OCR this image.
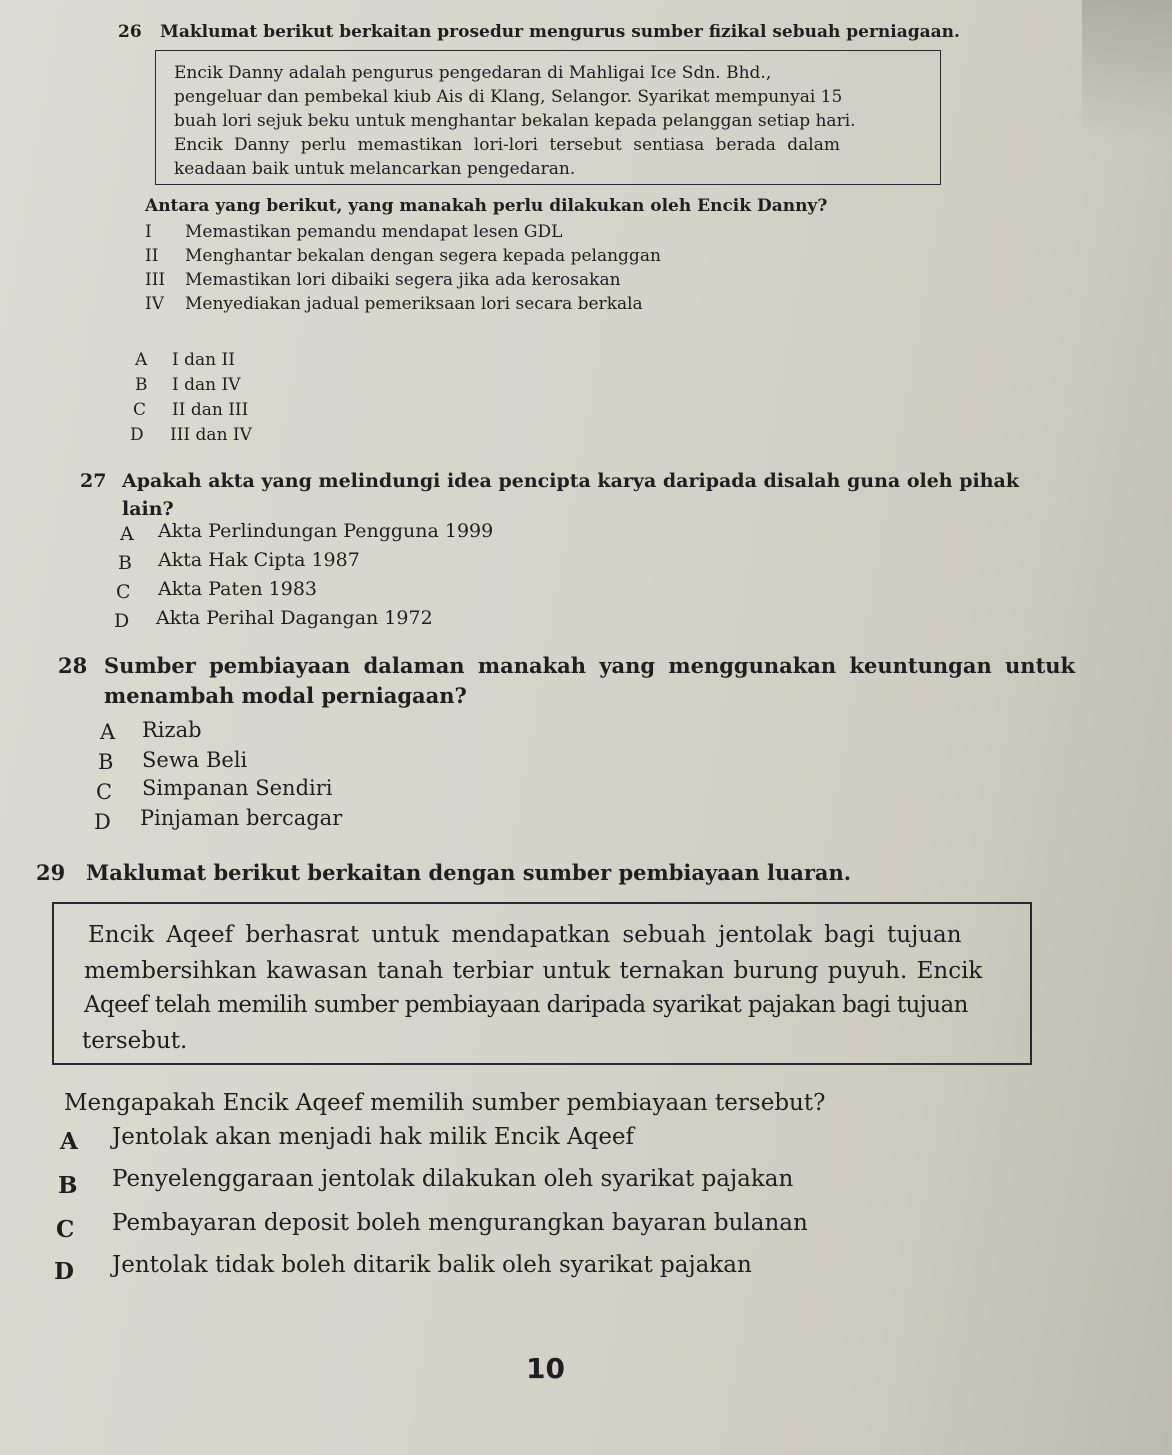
26 Maklumat berikut berkaitan prosedur mengurus sumber fizikal sebuah perniagaan.
Encik Danny adalah pengurus pengedaran di Mahligai Ice Sdn. Bhd.,
pengeluar dan pembekal kiub Ais di Klang, Selangor. Syarikat mempunyai 15
buah lori sejuk beku untuk menghantar bekalan kepada pelanggan setiap hari.
Encik Danny perlu memastikan lori-lori tersebut sentiasa berada dalam
keadaan baik untuk melancarkan pengedaran.
Antara yang berikut, yang manakah perlu dilakukan oleh Encik Danny?
I Memastikan pemandu mendapat lesen GDL
II Menghantar bekalan dengan segera kepada pelanggan
III Memastikan lori dibaiki segera jika ada kerosakan
IV Menyediakan jadual pemeriksaan lori secara berkala
A I dan II
B I dan IV
C II dan III
D III dan IV
27 Apakah akta yang melindungi idea pencipta karya daripada disalah guna oleh pihak
lain?
A Akta Perlindungan Pengguna 1999
B Akta Hak Cipta 1987
C Akta Paten 1983
D Akta Perihal Dagangan 1972
28 Sumber pembiayaan dalaman manakah yang menggunakan keuntungan untuk
menambah modal perniagaan?
A Rizab
B Sewa Beli
C Simpanan Sendiri
D Pinjaman bercagar
29 Maklumat berikut berkaitan dengan sumber pembiayaan luaran.
Encik Aqeef berhasrat untuk mendapatkan sebuah jentolak bagi tujuan
membersihkan kawasan tanah terbiar untuk ternakan burung puyuh. Encik
Aqeef telah memilih sumber pembiayaan daripada syarikat pajakan bagi tujuan
tersebut.
Mengapakah Encik Aqeef memilih sumber pembiayaan tersebut?
A Jentolak akan menjadi hak milik Encik Aqeef
B Penyelenggaraan jentolak dilakukan oleh syarikat pajakan
C Pembayaran deposit boleh mengurangkan bayaran bulanan
D Jentolak tidak boleh ditarik balik oleh syarikat pajakan
10
